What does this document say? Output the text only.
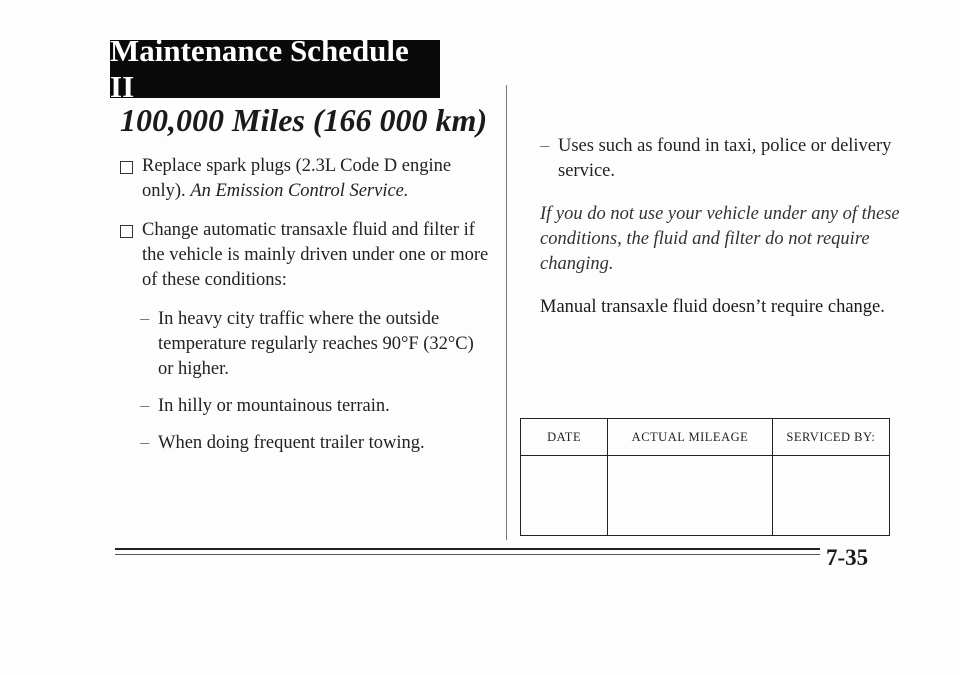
Maintenance Schedule II
100,000 Miles (166 000 km)
Replace spark plugs (2.3L Code D engine only). An Emission Control Service.
Change automatic transaxle fluid and filter if the vehicle is mainly driven under one or more of these conditions:
– In heavy city traffic where the outside temperature regularly reaches 90°F (32°C) or higher.
– In hilly or mountainous terrain.
– When doing frequent trailer towing.
– Uses such as found in taxi, police or delivery service.

If you do not use your vehicle under any of these conditions, the fluid and filter do not require changing.

Manual transaxle fluid doesn’t require change.

DATE	ACTUAL MILEAGE	SERVICED BY:

7-35
